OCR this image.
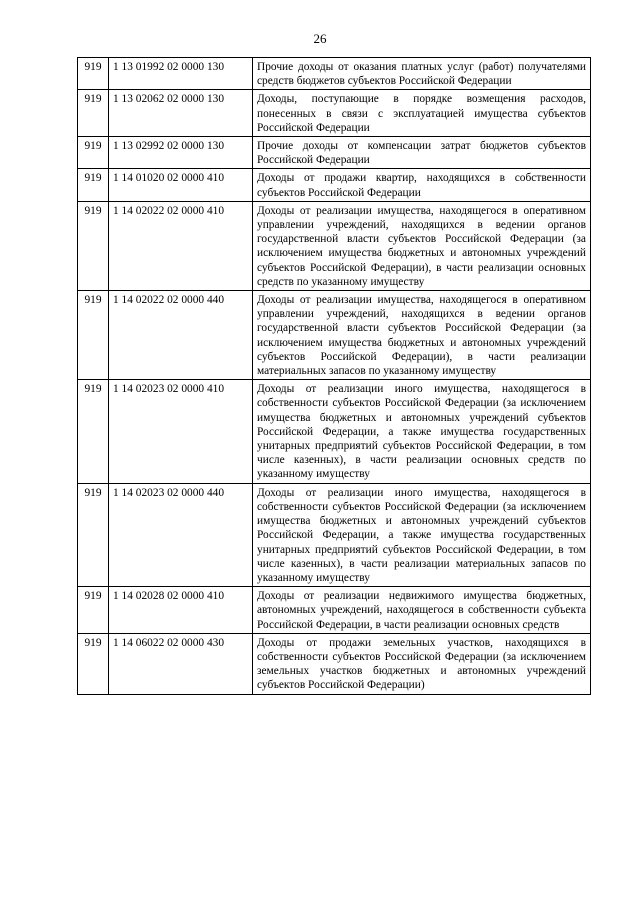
26
919	1 13 01992 02 0000 130	Прочие доходы от оказания платных услуг (работ) получателями средств бюджетов субъектов Российской Федерации
919	1 13 02062 02 0000 130	Доходы, поступающие в порядке возмещения расходов, понесенных в связи с эксплуатацией имущества субъектов Российской Федерации
919	1 13 02992 02 0000 130	Прочие доходы от компенсации затрат бюджетов субъектов Российской Федерации
919	1 14 01020 02 0000 410	Доходы от продажи квартир, находящихся в собственности субъектов Российской Федерации
919	1 14 02022 02 0000 410	Доходы от реализации имущества, находящегося в оперативном управлении учреждений, находящихся в ведении органов государственной власти субъектов Российской Федерации (за исключением имущества бюджетных и автономных учреждений субъектов Российской Федерации), в части реализации основных средств по указанному имуществу
919	1 14 02022 02 0000 440	Доходы от реализации имущества, находящегося в оперативном управлении учреждений, находящихся в ведении органов государственной власти субъектов Российской Федерации (за исключением имущества бюджетных и автономных учреждений субъектов Российской Федерации), в части реализации материальных запасов по указанному имуществу
919	1 14 02023 02 0000 410	Доходы от реализации иного имущества, находящегося в собственности субъектов Российской Федерации (за исключением имущества бюджетных и автономных учреждений субъектов Российской Федерации, а также имущества государственных унитарных предприятий субъектов Российской Федерации, в том числе казенных), в части реализации основных средств по указанному имуществу
919	1 14 02023 02 0000 440	Доходы от реализации иного имущества, находящегося в собственности субъектов Российской Федерации (за исключением имущества бюджетных и автономных учреждений субъектов Российской Федерации, а также имущества государственных унитарных предприятий субъектов Российской Федерации, в том числе казенных), в части реализации материальных запасов по указанному имуществу
919	1 14 02028 02 0000 410	Доходы от реализации недвижимого имущества бюджетных, автономных учреждений, находящегося в собственности субъекта Российской Федерации, в части реализации основных средств
919	1 14 06022 02 0000 430	Доходы от продажи земельных участков, находящихся в собственности субъектов Российской Федерации (за исключением земельных участков бюджетных и автономных учреждений субъектов Российской Федерации)
